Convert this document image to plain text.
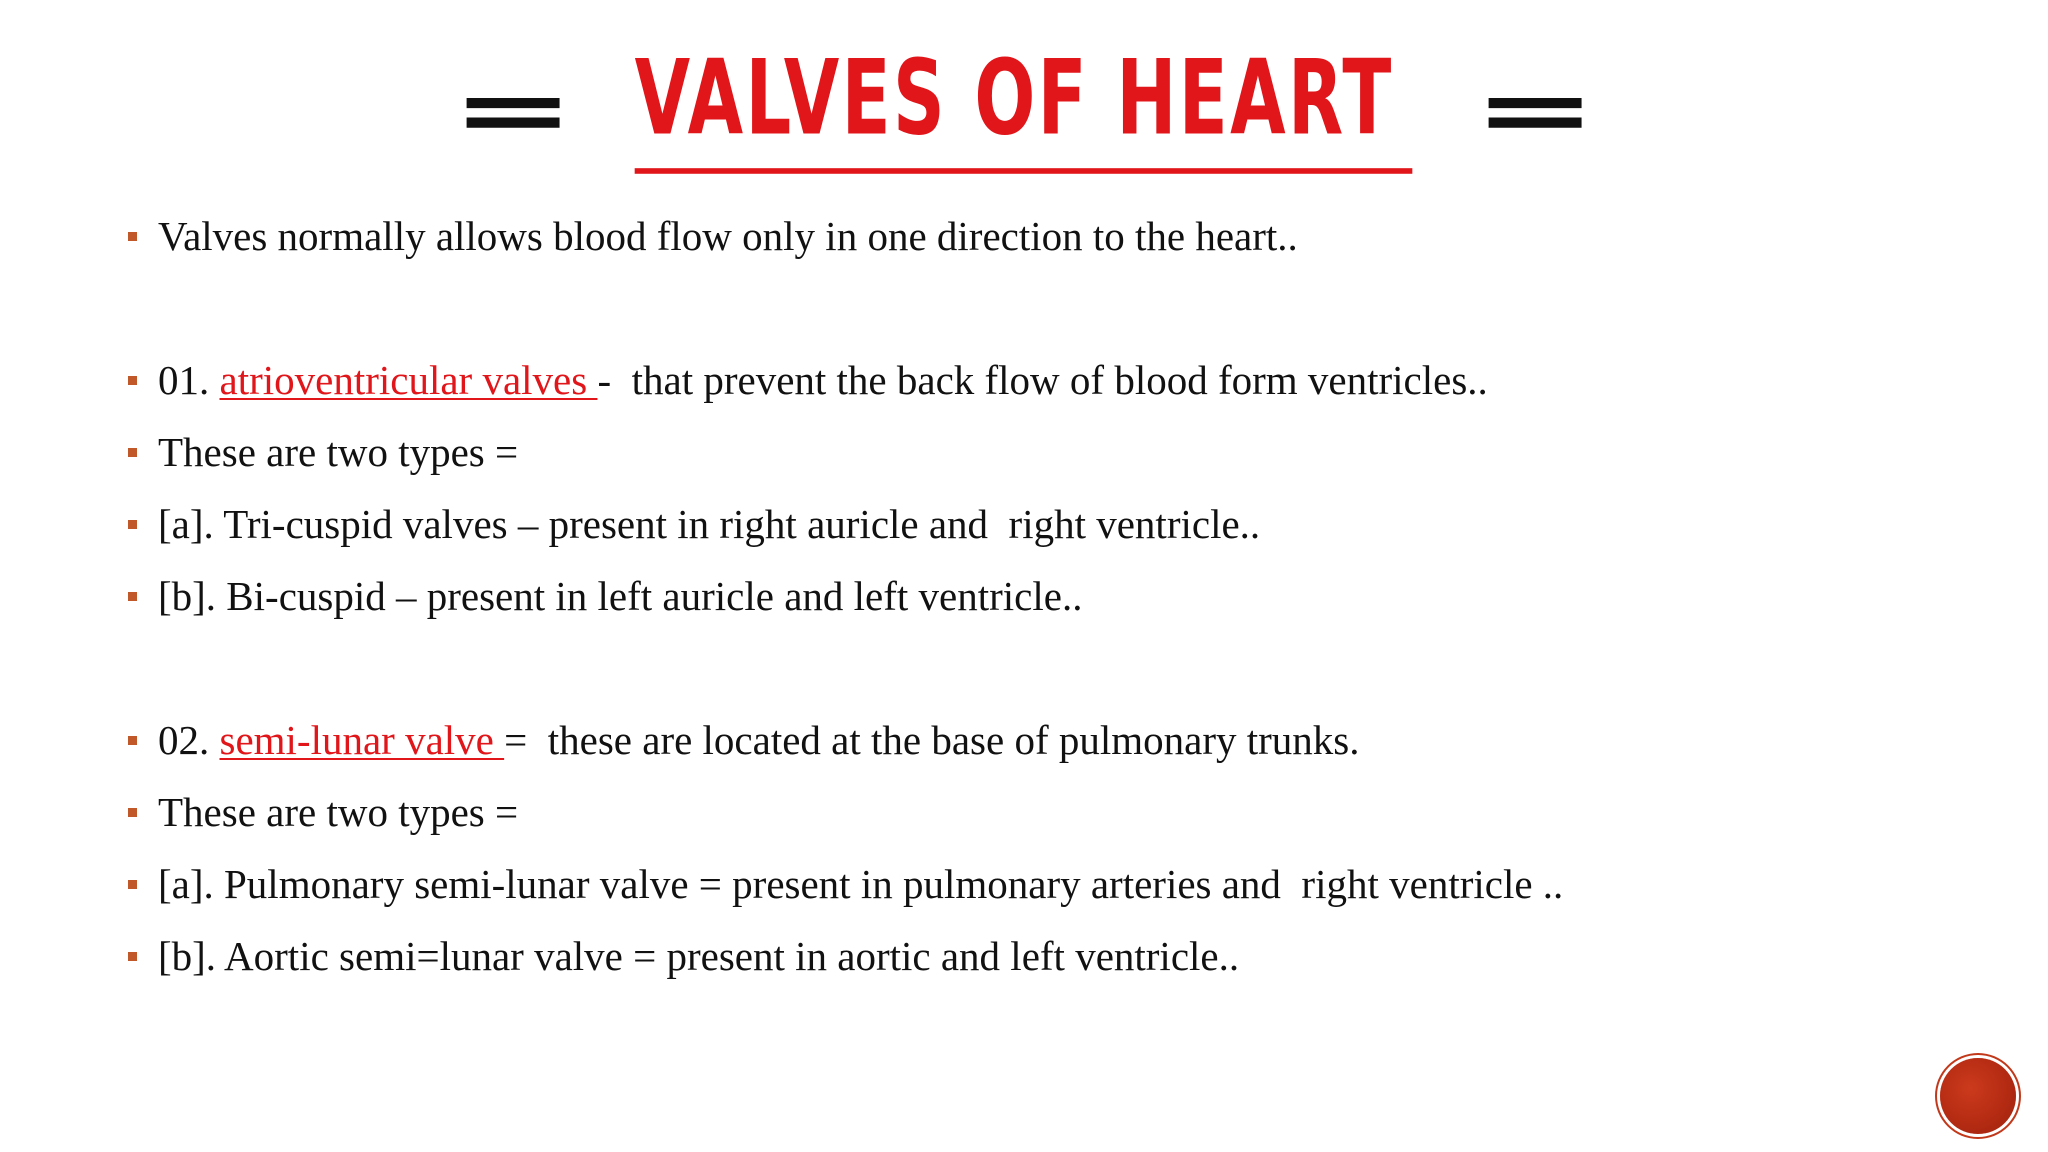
= VALVES OF HEART =
Valves normally allows blood flow only in one direction to the heart..
01. atrioventricular valves -  that prevent the back flow of blood form ventricles..
These are two types =
[a]. Tri-cuspid valves – present in right auricle and  right ventricle..
[b]. Bi-cuspid – present in left auricle and left ventricle..
02. semi-lunar valve =  these are located at the base of pulmonary trunks.
These are two types =
[a]. Pulmonary semi-lunar valve = present in pulmonary arteries and  right ventricle ..
[b]. Aortic semi=lunar valve = present in aortic and left ventricle..
